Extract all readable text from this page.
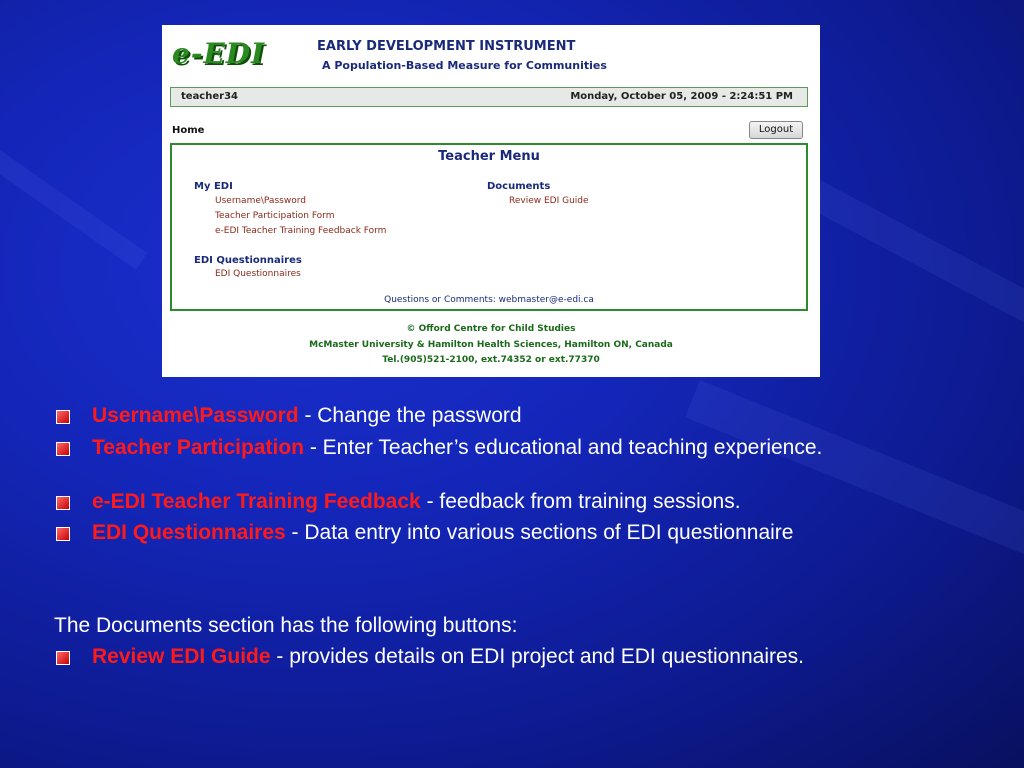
e-EDI	EARLY DEVELOPMENT INSTRUMENT
A Population-Based Measure for Communities
teacher34	Monday, October 05, 2009 - 2:24:51 PM
Home	Logout
Teacher Menu
My EDI
Username\Password
Teacher Participation Form
e-EDI Teacher Training Feedback Form
Documents
Review EDI Guide
EDI Questionnaires
EDI Questionnaires
Questions or Comments: webmaster@e-edi.ca
© Offord Centre for Child Studies
McMaster University & Hamilton Health Sciences, Hamilton ON, Canada
Tel.(905)521-2100, ext.74352 or ext.77370
Username\Password - Change the password
Teacher Participation - Enter Teacher’s educational and teaching experience.
e-EDI Teacher Training Feedback - feedback from training sessions.
EDI Questionnaires - Data entry into various sections of EDI questionnaire
The Documents section has the following buttons:
Review EDI Guide - provides details on EDI project and EDI questionnaires.
